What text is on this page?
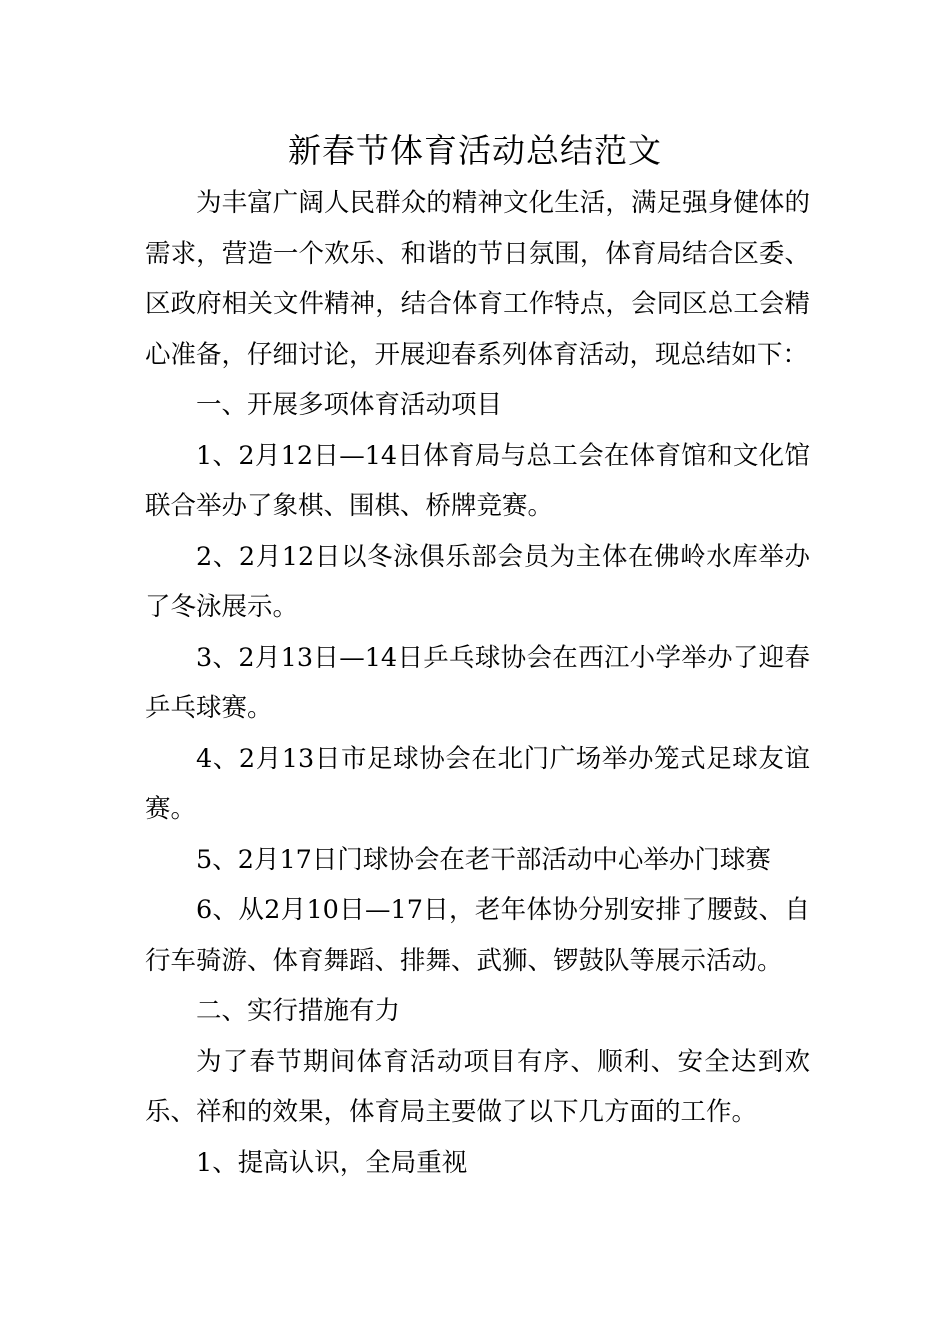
新春节体育活动总结范文

为丰富广阔人民群众的精神文化生活，满足强身健体的需求，营造一个欢乐、和谐的节日氛围，体育局结合区委、区政府相关文件精神，结合体育工作特点，会同区总工会精心准备，仔细讨论，开展迎春系列体育活动，现总结如下：

一、开展多项体育活动项目

1、2月12日—14日体育局与总工会在体育馆和文化馆联合举办了象棋、围棋、桥牌竞赛。

2、2月12日以冬泳俱乐部会员为主体在佛岭水库举办了冬泳展示。

3、2月13日—14日乒乓球协会在西江小学举办了迎春乒乓球赛。

4、2月13日市足球协会在北门广场举办笼式足球友谊赛。

5、2月17日门球协会在老干部活动中心举办门球赛

6、从2月10日—17日，老年体协分别安排了腰鼓、自行车骑游、体育舞蹈、排舞、武狮、锣鼓队等展示活动。

二、实行措施有力

为了春节期间体育活动项目有序、顺利、安全达到欢乐、祥和的效果，体育局主要做了以下几方面的工作。

1、提高认识，全局重视
